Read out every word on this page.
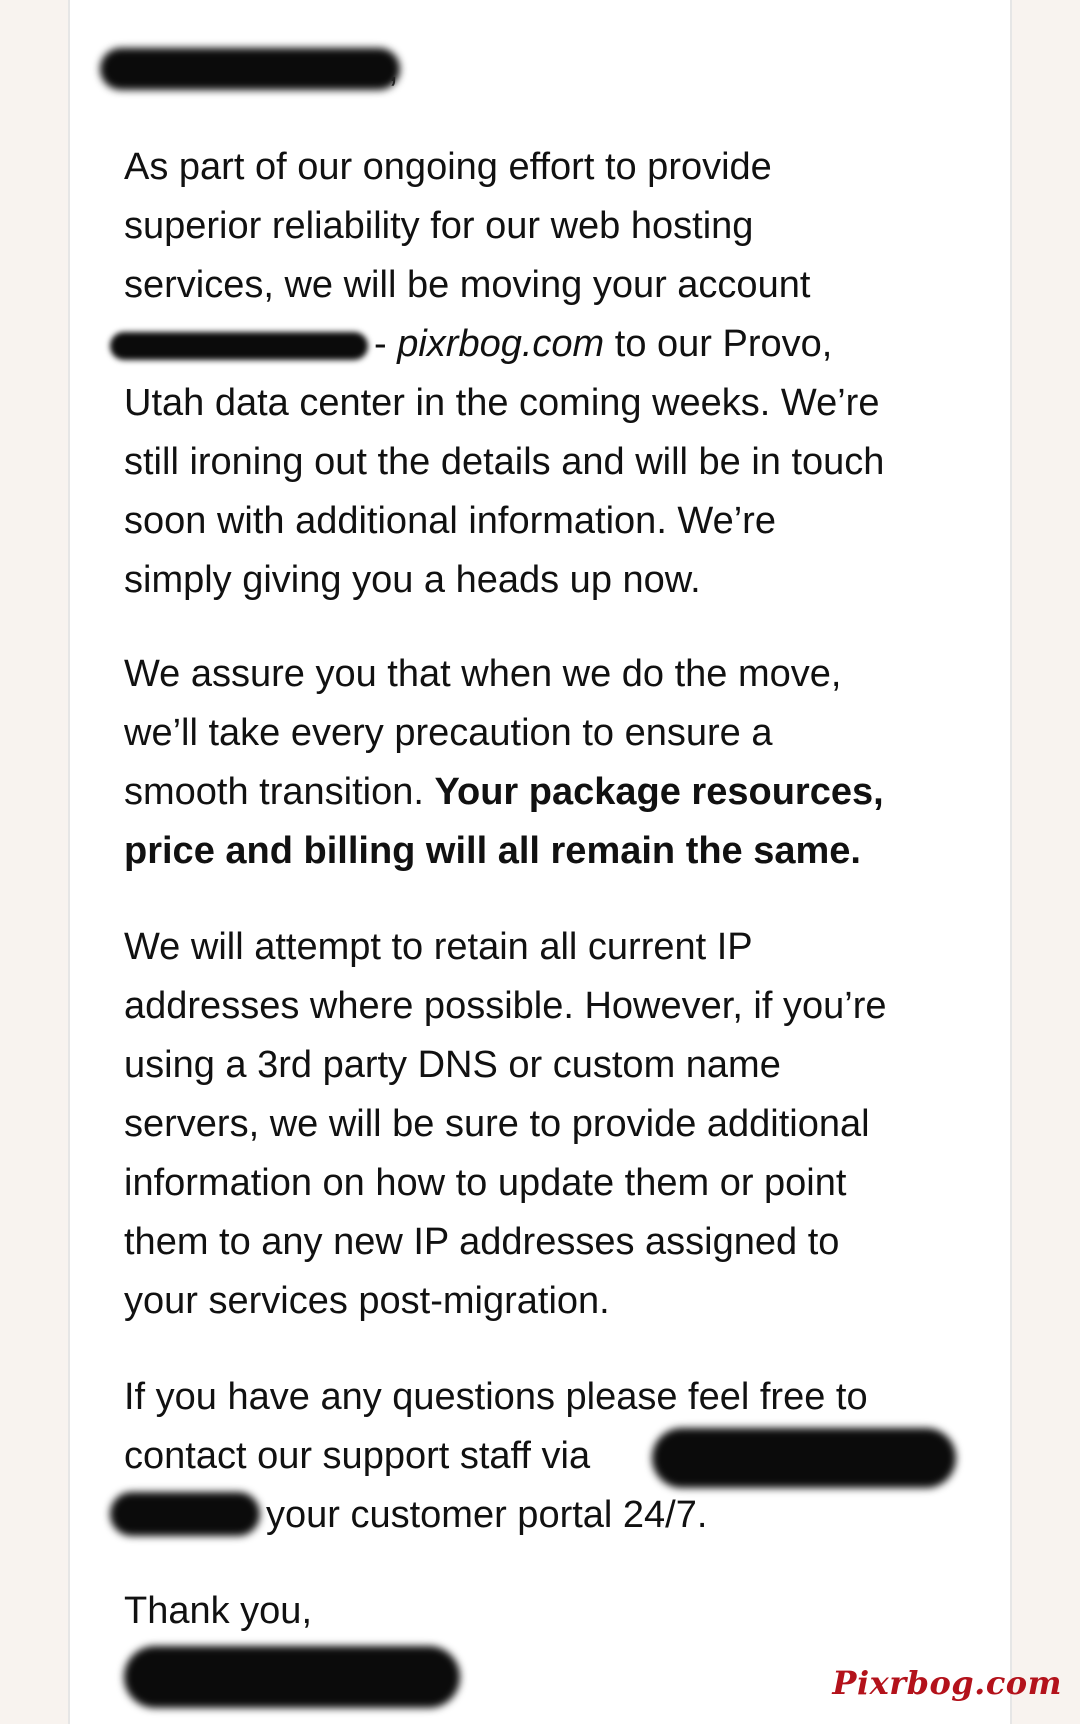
,
As part of our ongoing effort to provide
superior reliability for our web hosting
services, we will be moving your account
- pixrbog.com to our Provo,
Utah data center in the coming weeks. We’re
still ironing out the details and will be in touch
soon with additional information. We’re
simply giving you a heads up now.
We assure you that when we do the move,
we’ll take every precaution to ensure a
smooth transition. Your package resources,
price and billing will all remain the same.
We will attempt to retain all current IP
addresses where possible. However, if you’re
using a 3rd party DNS or custom name
servers, we will be sure to provide additional
information on how to update them or point
them to any new IP addresses assigned to
your services post-migration.
If you have any questions please feel free to
contact our support staff via
your customer portal 24/7.
Thank you,
Pixrbog.com
